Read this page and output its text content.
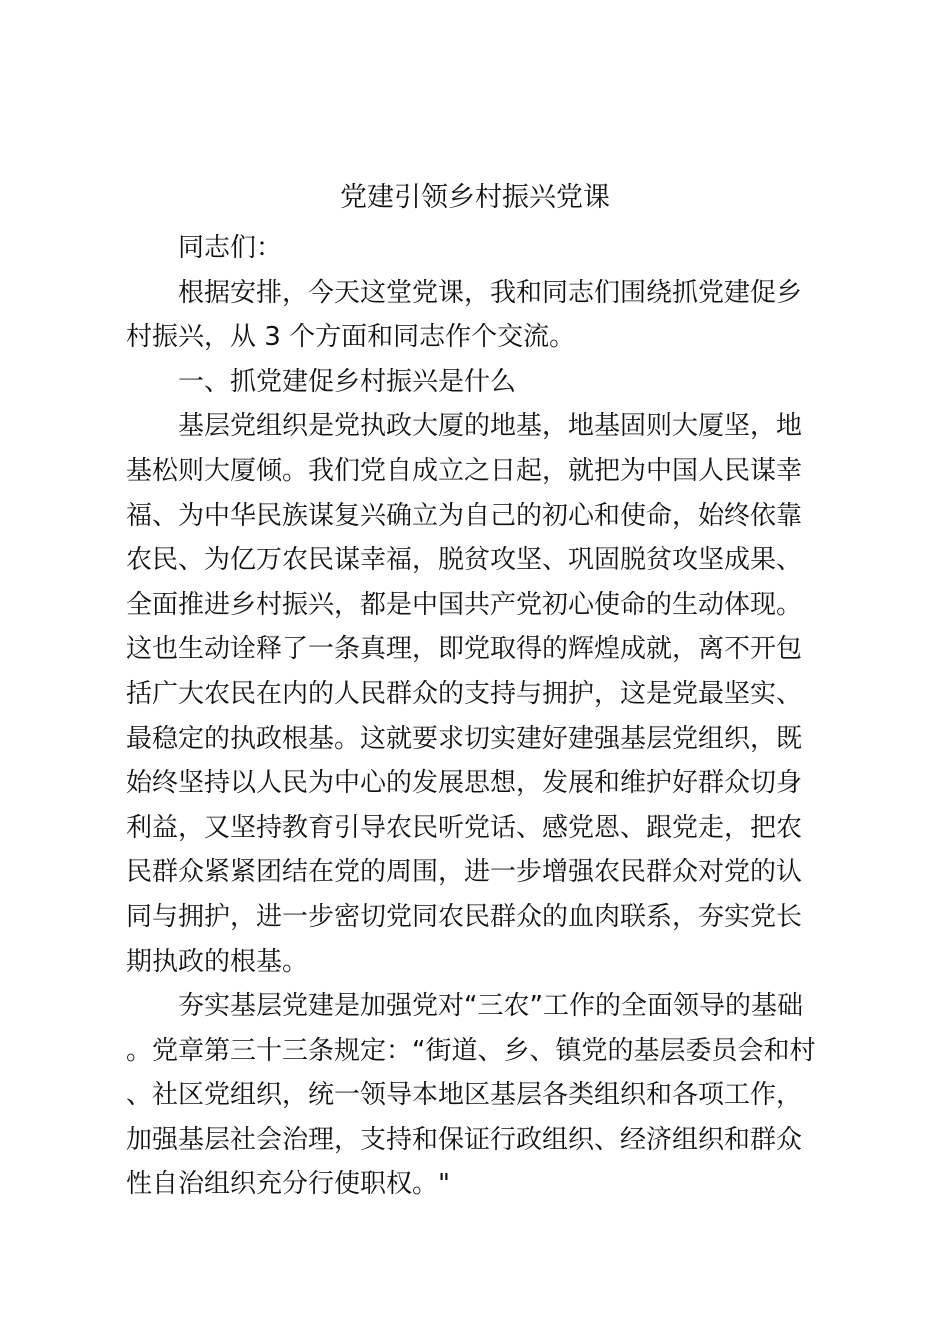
党建引领乡村振兴党课

同志们：

根据安排，今天这堂党课，我和同志们围绕抓党建促乡村振兴，从 3 个方面和同志作个交流。

一、抓党建促乡村振兴是什么

基层党组织是党执政大厦的地基，地基固则大厦坚，地基松则大厦倾。我们党自成立之日起，就把为中国人民谋幸福、为中华民族谋复兴确立为自己的初心和使命，始终依靠农民、为亿万农民谋幸福，脱贫攻坚、巩固脱贫攻坚成果、全面推进乡村振兴，都是中国共产党初心使命的生动体现。这也生动诠释了一条真理，即党取得的辉煌成就，离不开包括广大农民在内的人民群众的支持与拥护，这是党最坚实、最稳定的执政根基。这就要求切实建好建强基层党组织，既始终坚持以人民为中心的发展思想，发展和维护好群众切身利益，又坚持教育引导农民听党话、感党恩、跟党走，把农民群众紧紧团结在党的周围，进一步增强农民群众对党的认同与拥护，进一步密切党同农民群众的血肉联系，夯实党长期执政的根基。

夯实基层党建是加强党对“三农”工作的全面领导的基础。党章第三十三条规定：“街道、乡、镇党的基层委员会和村、社区党组织，统一领导本地区基层各类组织和各项工作，加强基层社会治理，支持和保证行政组织、经济组织和群众性自治组织充分行使职权。"
